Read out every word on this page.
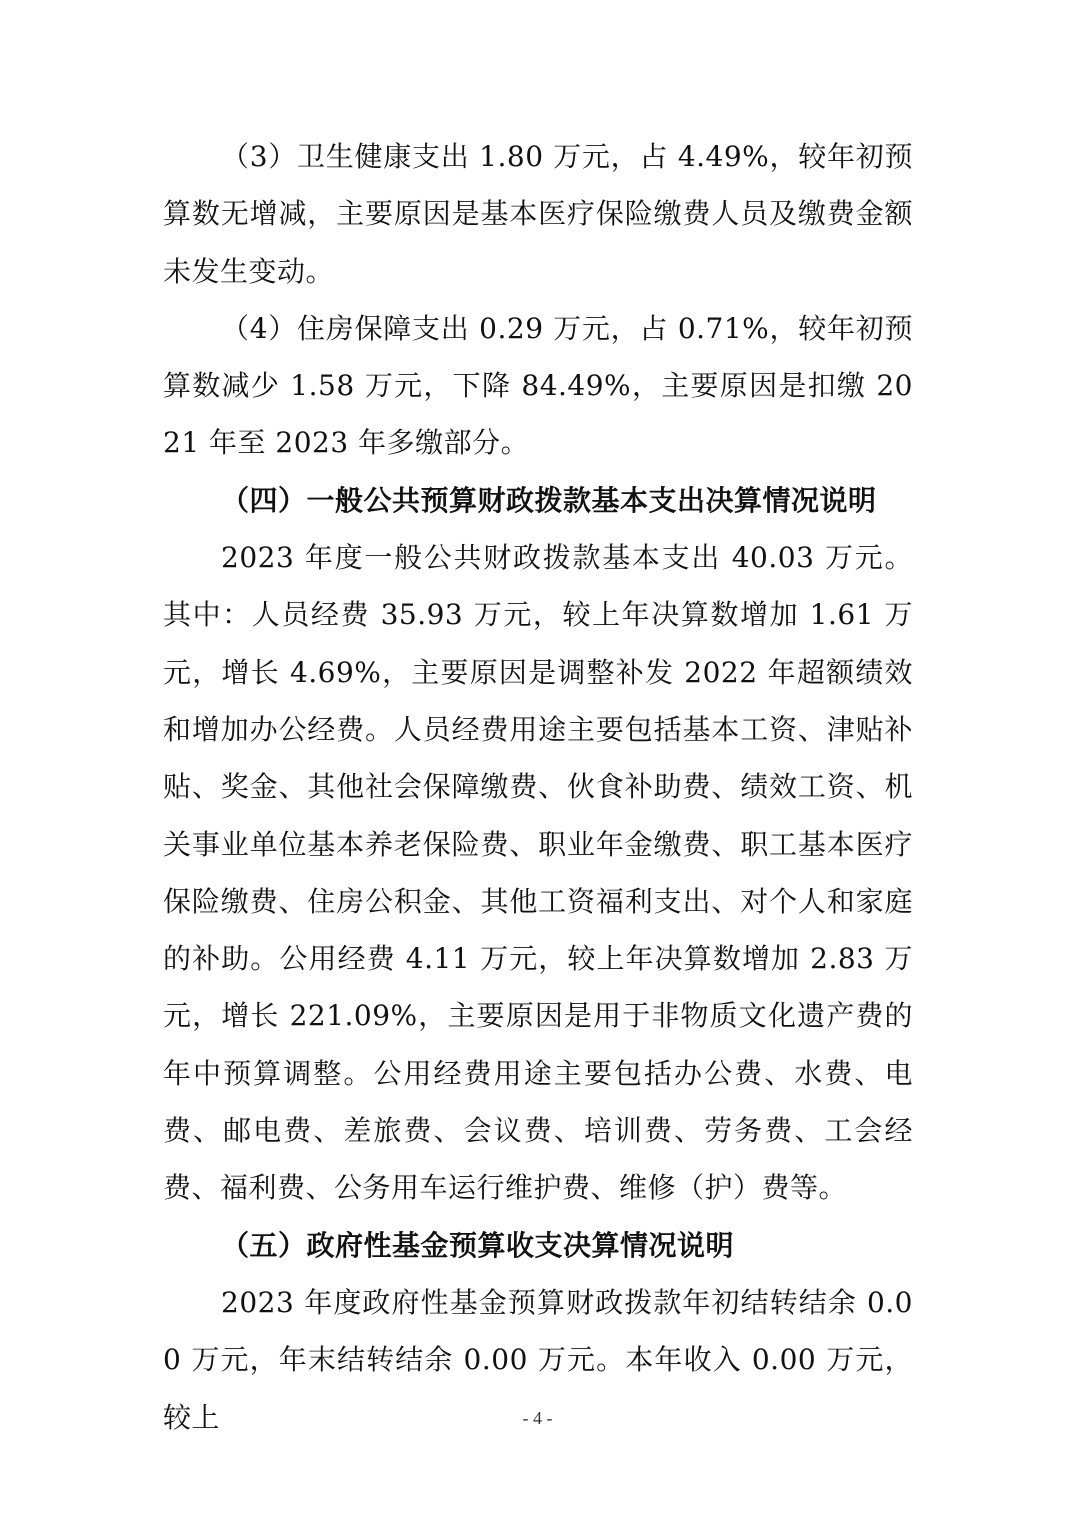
（3）卫生健康支出 1.80 万元，占 4.49%，较年初预算数无增减，主要原因是基本医疗保险缴费人员及缴费金额未发生变动。

（4）住房保障支出 0.29 万元，占 0.71%，较年初预算数减少 1.58 万元，下降 84.49%，主要原因是扣缴 2021 年至 2023 年多缴部分。

（四）一般公共预算财政拨款基本支出决算情况说明

2023 年度一般公共财政拨款基本支出 40.03 万元。其中：人员经费 35.93 万元，较上年决算数增加 1.61 万元，增长 4.69%，主要原因是调整补发 2022 年超额绩效和增加办公经费。人员经费用途主要包括基本工资、津贴补贴、奖金、其他社会保障缴费、伙食补助费、绩效工资、机关事业单位基本养老保险费、职业年金缴费、职工基本医疗保险缴费、住房公积金、其他工资福利支出、对个人和家庭的补助。公用经费 4.11 万元，较上年决算数增加 2.83 万元，增长 221.09%，主要原因是用于非物质文化遗产费的年中预算调整。公用经费用途主要包括办公费、水费、电费、邮电费、差旅费、会议费、培训费、劳务费、工会经费、福利费、公务用车运行维护费、维修（护）费等。

（五）政府性基金预算收支决算情况说明

2023 年度政府性基金预算财政拨款年初结转结余 0.00 万元，年末结转结余 0.00 万元。本年收入 0.00 万元，较上	- 4 -
